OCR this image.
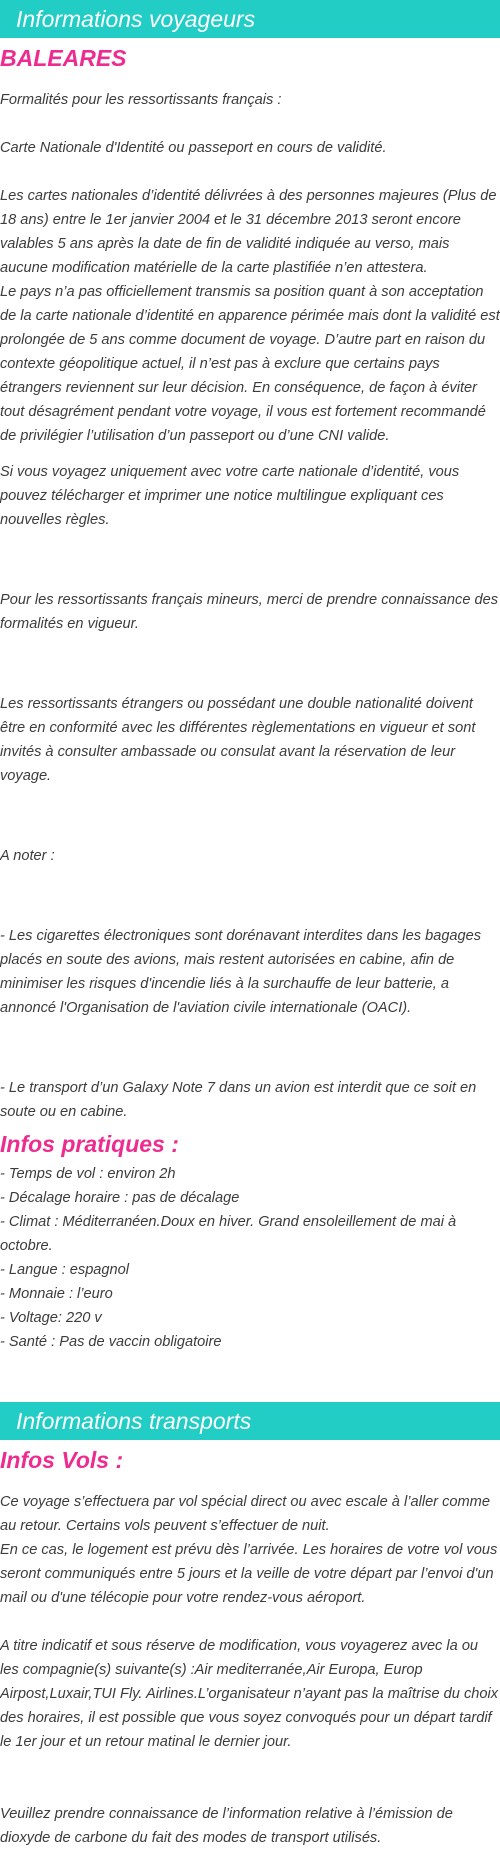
Informations voyageurs
BALEARES

Formalités pour les ressortissants français :

Carte Nationale d'Identité ou passeport en cours de validité.

Les cartes nationales d’identité délivrées à des personnes majeures (Plus de 18 ans) entre le 1er janvier 2004 et le 31 décembre 2013 seront encore valables 5 ans après la date de fin de validité indiquée au verso, mais aucune modification matérielle de la carte plastifiée n’en attestera.

Le pays n’a pas officiellement transmis sa position quant à son acceptation de la carte nationale d’identité en apparence périmée mais dont la validité est prolongée de 5 ans comme document de voyage. D’autre part en raison du contexte géopolitique actuel, il n’est pas à exclure que certains pays étrangers reviennent sur leur décision. En conséquence, de façon à éviter tout désagrément pendant votre voyage, il vous est fortement recommandé de privilégier l’utilisation d’un passeport ou d’une CNI valide.

Si vous voyagez uniquement avec votre carte nationale d’identité, vous pouvez télécharger et imprimer une notice multilingue expliquant ces nouvelles règles.

Pour les ressortissants français mineurs, merci de prendre connaissance des formalités en vigueur.

Les ressortissants étrangers ou possédant une double nationalité doivent être en conformité avec les différentes règlementations en vigueur et sont invités à consulter ambassade ou consulat avant la réservation de leur voyage.

A noter :

- Les cigarettes électroniques sont dorénavant interdites dans les bagages placés en soute des avions, mais restent autorisées en cabine, afin de minimiser les risques d'incendie liés à la surchauffe de leur batterie, a annoncé l'Organisation de l'aviation civile internationale (OACI).

- Le transport d’un Galaxy Note 7 dans un avion est interdit que ce soit en soute ou en cabine.

Infos pratiques :
- Temps de vol : environ 2h
- Décalage horaire : pas de décalage
- Climat : Méditerranéen.Doux en hiver. Grand ensoleillement de mai à octobre.
- Langue : espagnol
- Monnaie : l’euro
- Voltage: 220 v
- Santé : Pas de vaccin obligatoire
Informations transports
Infos Vols :

Ce voyage s’effectuera par vol spécial direct ou avec escale à l’aller comme au retour. Certains vols peuvent s’effectuer de nuit.

En ce cas, le logement est prévu dès l’arrivée. Les horaires de votre vol vous seront communiqués entre 5 jours et la veille de votre départ par l’envoi d'un mail ou d'une télécopie pour votre rendez-vous aéroport.

A titre indicatif et sous réserve de modification, vous voyagerez avec la ou les compagnie(s) suivante(s) :Air mediterranée,Air Europa, Europ Airpost,Luxair,TUI Fly. Airlines.L’organisateur n’ayant pas la maîtrise du choix des horaires, il est possible que vous soyez convoqués pour un départ tardif le 1er jour et un retour matinal le dernier jour.

Veuillez prendre connaissance de l’information relative à l’émission de dioxyde de carbone du fait des modes de transport utilisés.
